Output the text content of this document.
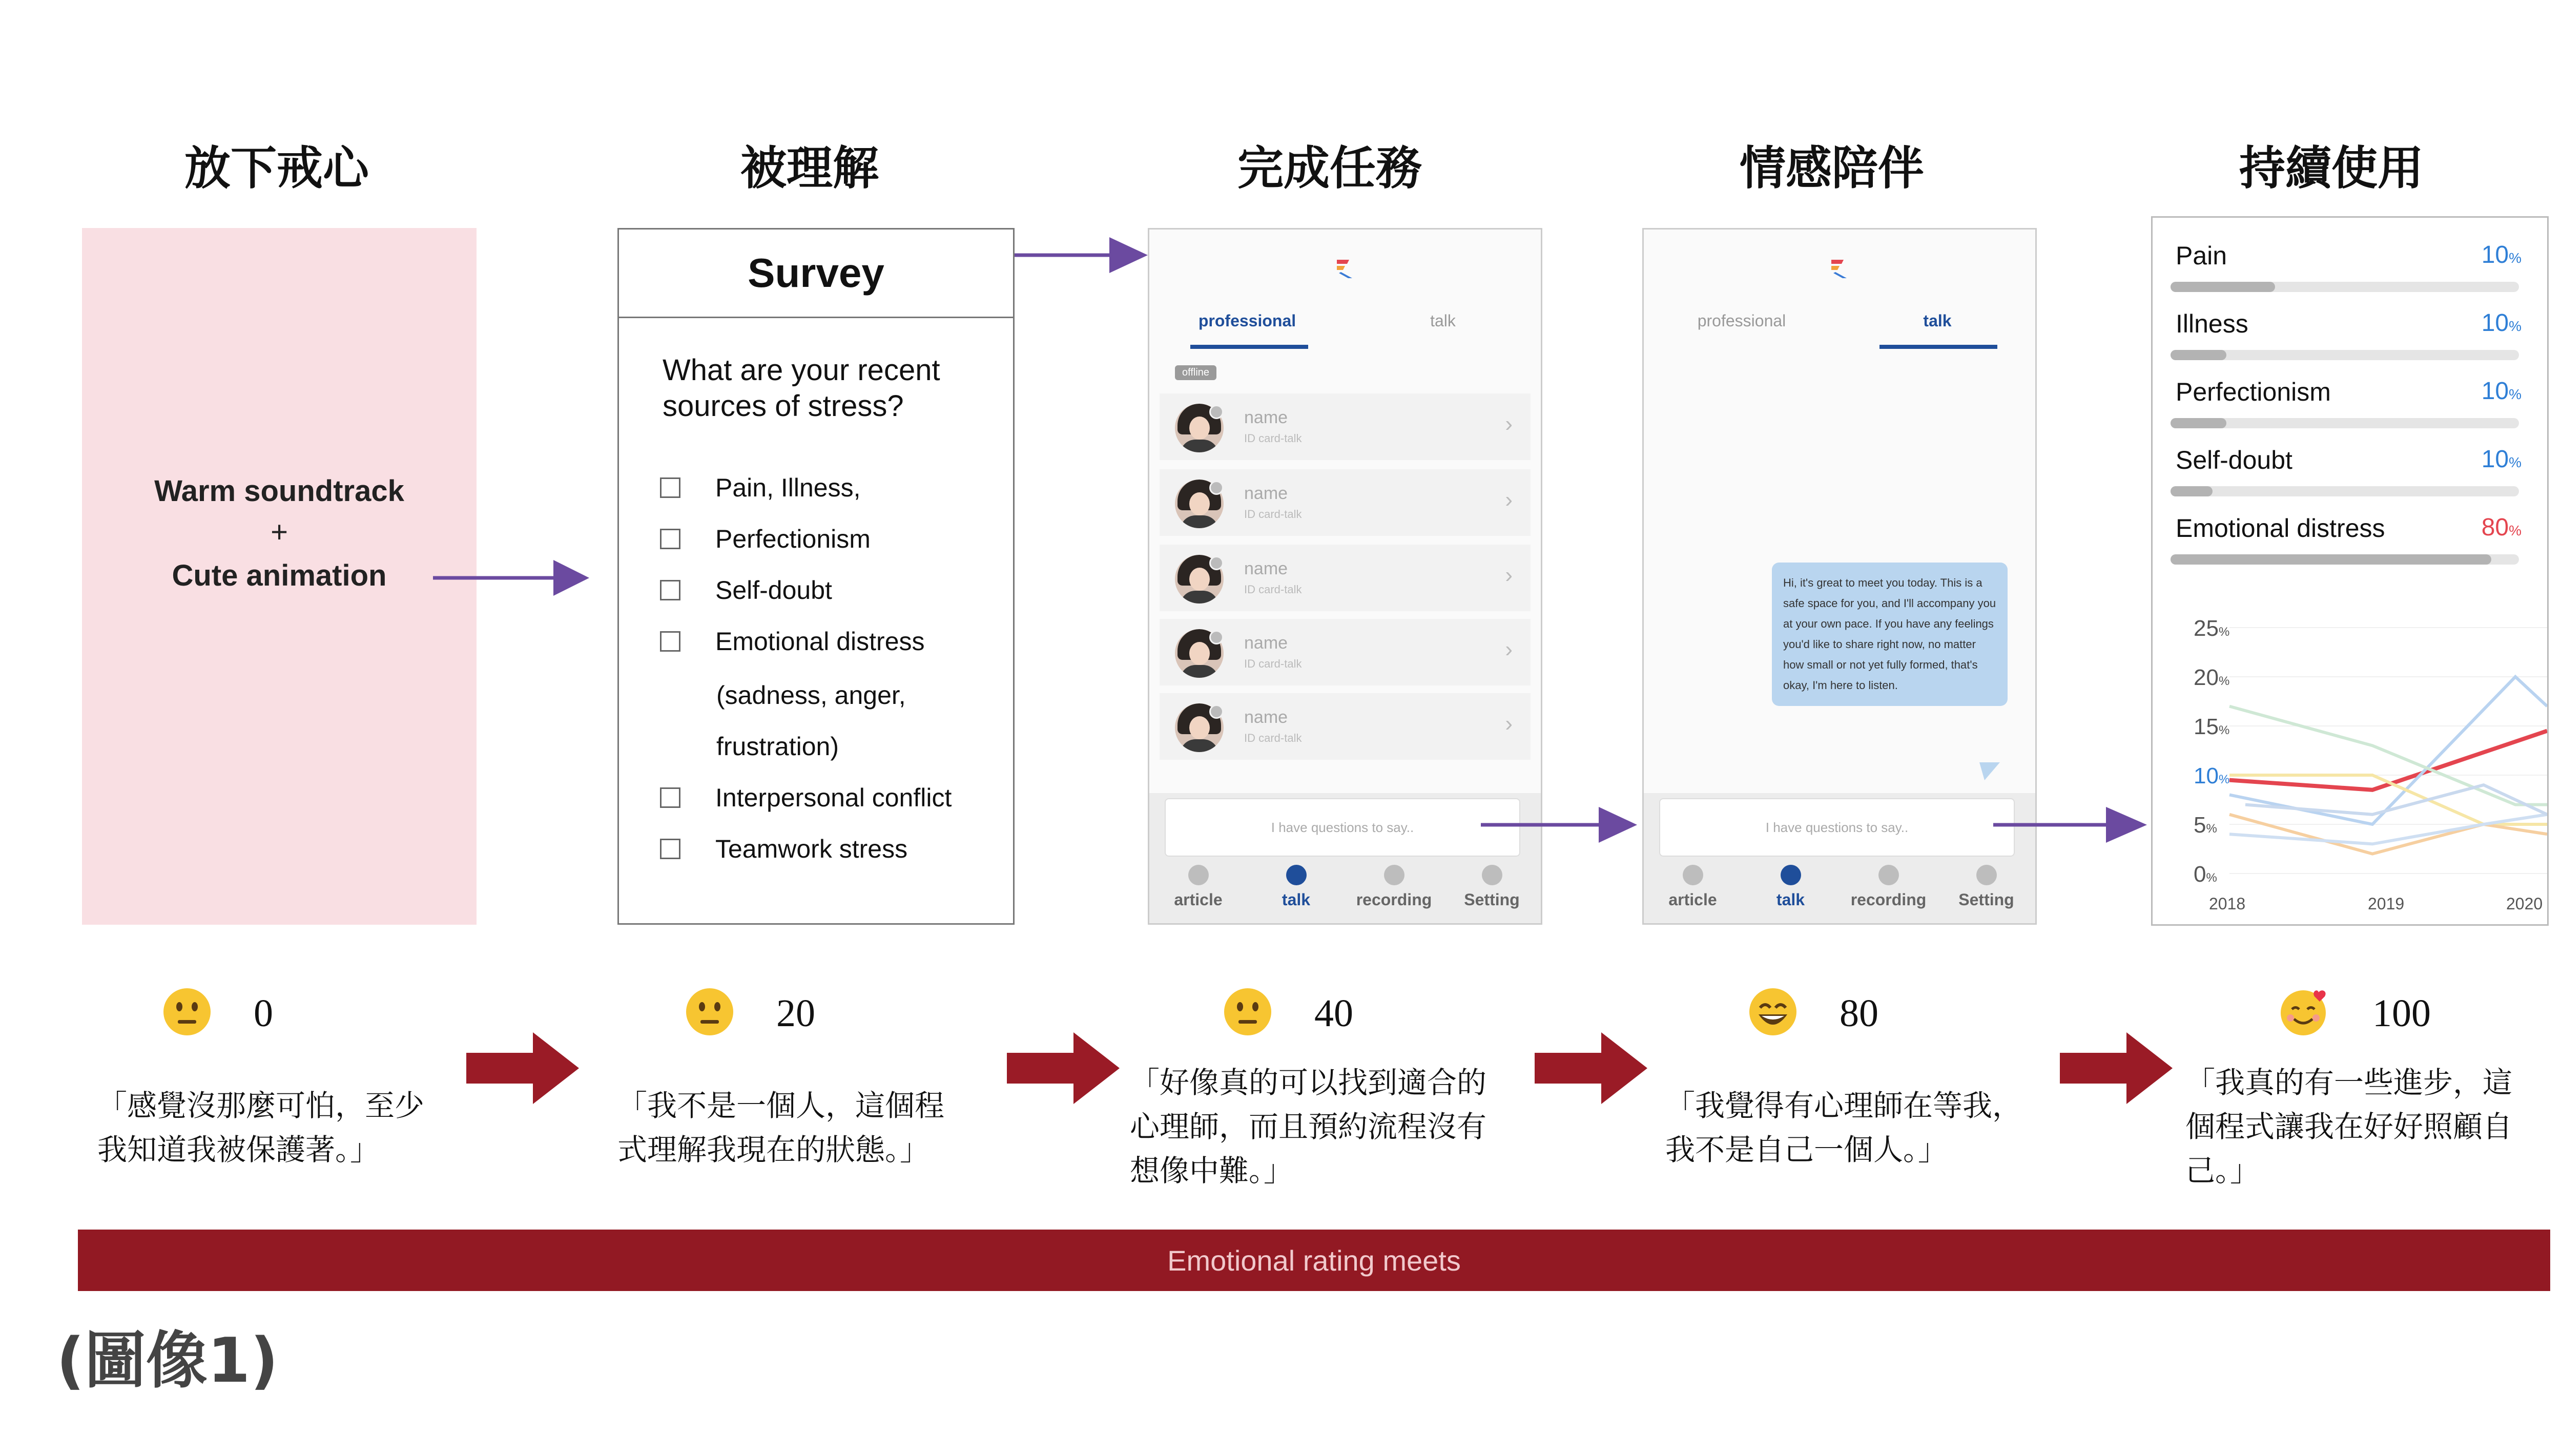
放下戒心	被理解	完成任務	情感陪伴	持續使用
Warm soundtrack
+
Cute animation
Survey
What are your recent sources of stress?
Pain, Illness,
Perfectionism
Self-doubt
Emotional distress
(sadness, anger,
frustration)
Interpersonal conflict
Teamwork stress
professional	talk
offline
name
ID card-talk
›
name
ID card-talk
›
name
ID card-talk
›
name
ID card-talk
›
name
ID card-talk
›
I have questions to say..
article	talk	recording	Setting
professional	talk
Hi, it's great to meet you today. This is a safe space for you, and I'll accompany you at your own pace. If you have any feelings you'd like to share right now, no matter how small or not yet fully formed, that's okay, I'm here to listen.
I have questions to say..
article	talk	recording	Setting
Pain	10%
Illness	10%
Perfectionism	10%
Self-doubt	10%
Emotional distress	80%
0%
5%
10%
15%
20%
25%
2018	2019	2020
0	20	40	80	100
「感覺沒那麼可怕，至少
我知道我被保護著。」
「我不是一個人，這個程
式理解我現在的狀態。」
「好像真的可以找到適合的
心理師，而且預約流程沒有
想像中難。」
「我覺得有心理師在等我，
我不是自己一個人。」
「我真的有一些進步，這
個程式讓我在好好照顧自
己。」
Emotional rating meets
(圖像1)
